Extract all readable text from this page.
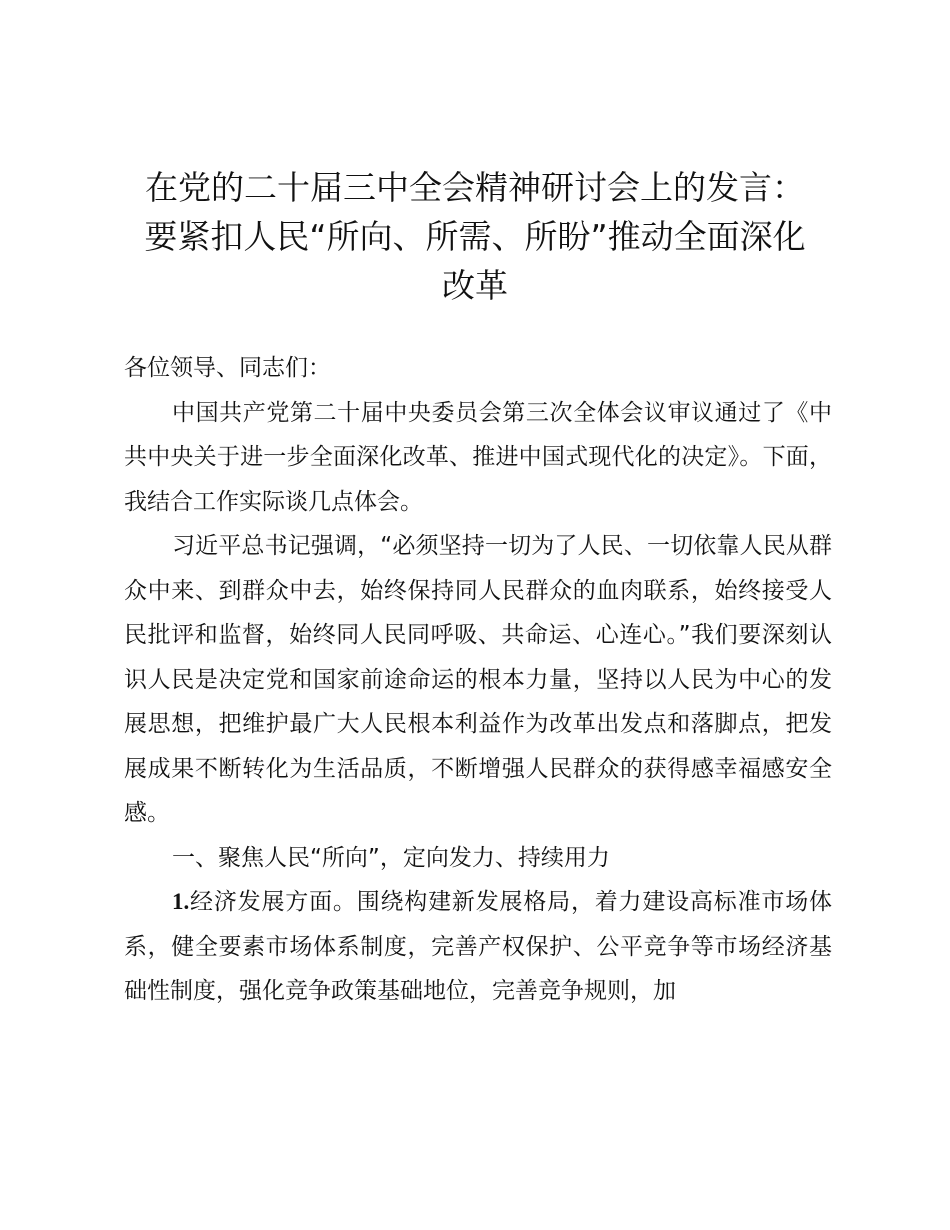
在党的二十届三中全会精神研讨会上的发言：
要紧扣人民“所向、所需、所盼”推动全面深化
改革

各位领导、同志们：

中国共产党第二十届中央委员会第三次全体会议审议通过了《中共中央关于进一步全面深化改革、推进中国式现代化的决定》。下面，我结合工作实际谈几点体会。

习近平总书记强调，“必须坚持一切为了人民、一切依靠人民从群众中来、到群众中去，始终保持同人民群众的血肉联系，始终接受人民批评和监督，始终同人民同呼吸、共命运、心连心。”我们要深刻认识人民是决定党和国家前途命运的根本力量，坚持以人民为中心的发展思想，把维护最广大人民根本利益作为改革出发点和落脚点，把发展成果不断转化为生活品质，不断增强人民群众的获得感幸福感安全感。

一、聚焦人民“所向”，定向发力、持续用力

1.经济发展方面。围绕构建新发展格局，着力建设高标准市场体系，健全要素市场体系制度，完善产权保护、公平竞争等市场经济基础性制度，强化竞争政策基础地位，完善竞争规则，加
